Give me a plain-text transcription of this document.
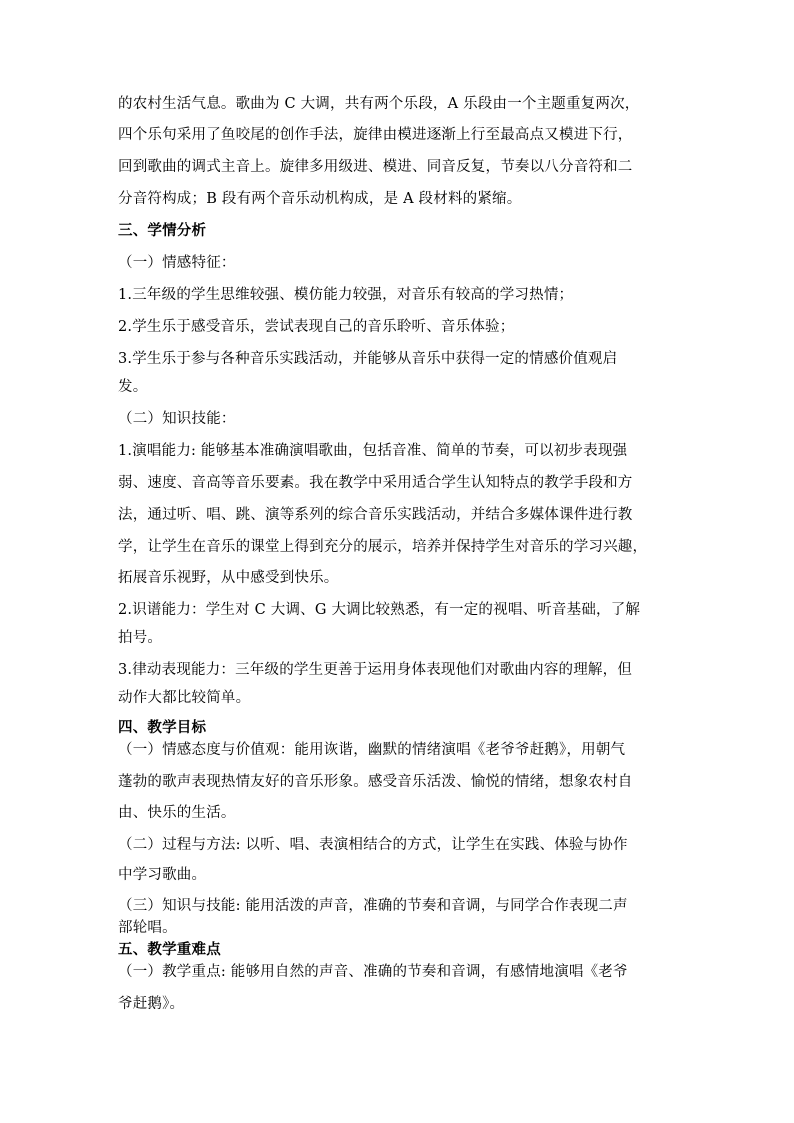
的农村生活气息。歌曲为 C 大调，共有两个乐段，A 乐段由一个主题重复两次，
四个乐句采用了鱼咬尾的创作手法，旋律由模进逐渐上行至最高点又模进下行，
回到歌曲的调式主音上。旋律多用级进、模进、同音反复，节奏以八分音符和二
分音符构成；B 段有两个音乐动机构成，是 A 段材料的紧缩。
三、学情分析
（一）情感特征：
1.三年级的学生思维较强、模仿能力较强，对音乐有较高的学习热情；
2.学生乐于感受音乐，尝试表现自己的音乐聆听、音乐体验；
3.学生乐于参与各种音乐实践活动，并能够从音乐中获得一定的情感价值观启
发。
（二）知识技能：
1.演唱能力: 能够基本准确演唱歌曲，包括音准、简单的节奏，可以初步表现强
弱、速度、音高等音乐要素。我在教学中采用适合学生认知特点的教学手段和方
法，通过听、唱、跳、演等系列的综合音乐实践活动，并结合多媒体课件进行教
学，让学生在音乐的课堂上得到充分的展示，培养并保持学生对音乐的学习兴趣，
拓展音乐视野，从中感受到快乐。
2.识谱能力：学生对 C 大调、G 大调比较熟悉，有一定的视唱、听音基础，了解
拍号。
3.律动表现能力：三年级的学生更善于运用身体表现他们对歌曲内容的理解，但
动作大都比较简单。
四、教学目标
（一）情感态度与价值观：能用诙谐，幽默的情绪演唱《老爷爷赶鹅》，用朝气
蓬勃的歌声表现热情友好的音乐形象。感受音乐活泼、愉悦的情绪，想象农村自
由、快乐的生活。
（二）过程与方法: 以听、唱、表演相结合的方式，让学生在实践、体验与协作
中学习歌曲。
（三）知识与技能: 能用活泼的声音，准确的节奏和音调，与同学合作表现二声
部轮唱。
五、教学重难点
（一）教学重点: 能够用自然的声音、准确的节奏和音调，有感情地演唱《老爷
爷赶鹅》。
